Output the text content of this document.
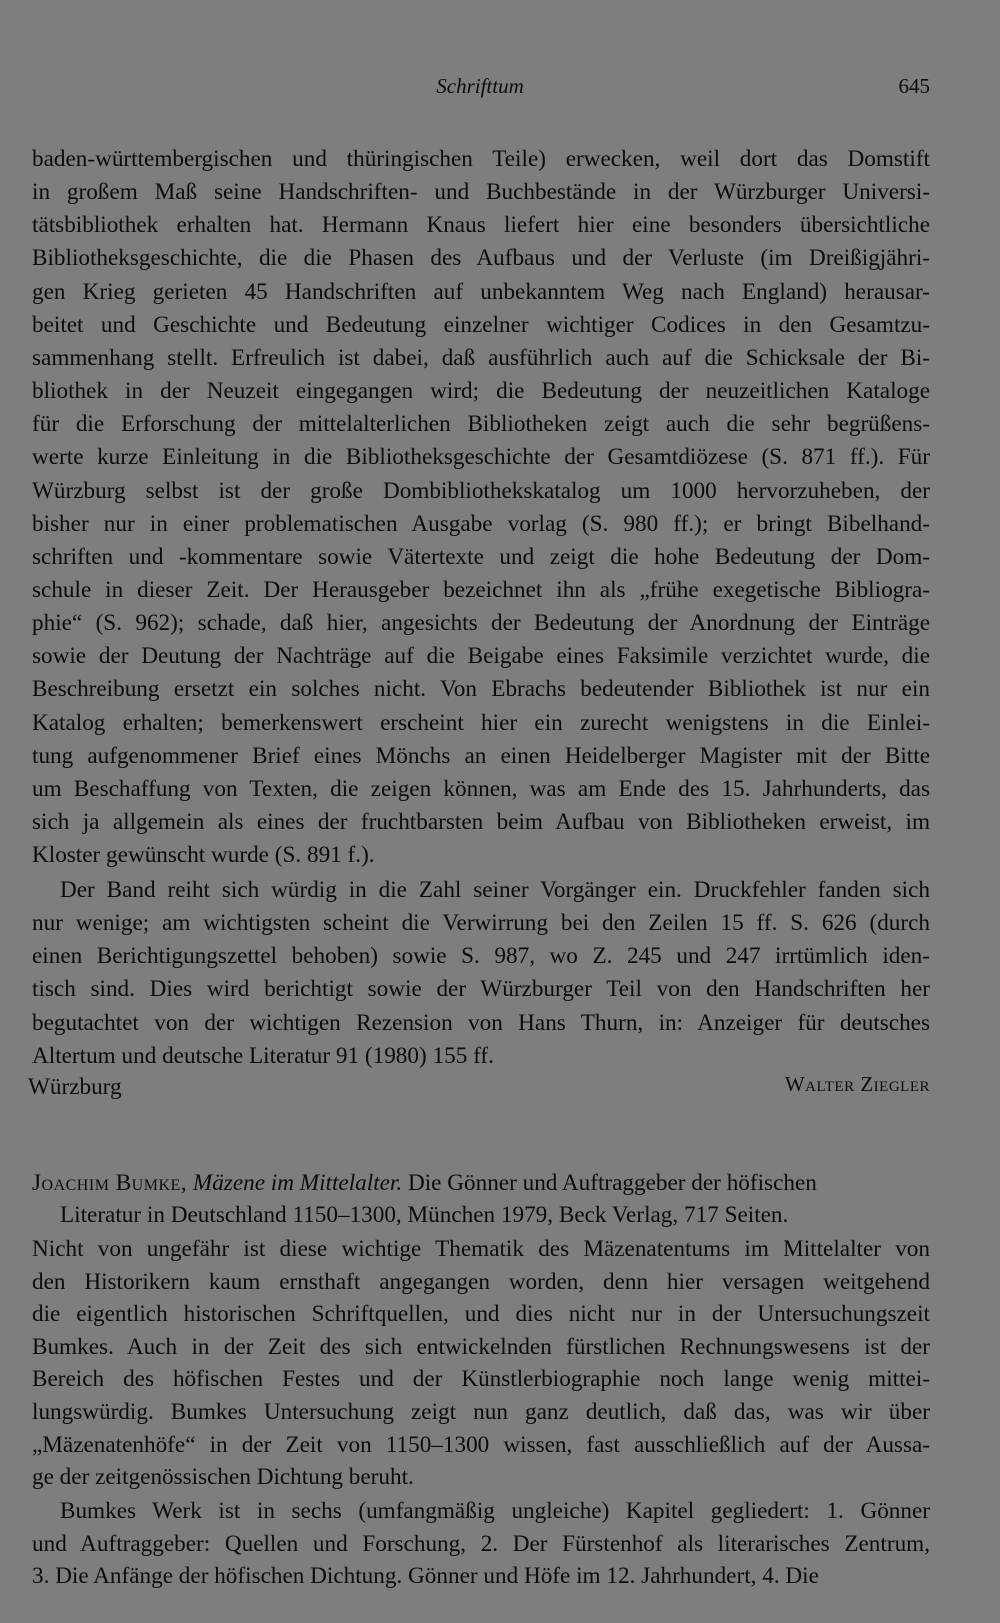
Schrifttum	645
baden-württembergischen und thüringischen Teile) erwecken, weil dort das Domstift
in großem Maß seine Handschriften- und Buchbestände in der Würzburger Universi-
tätsbibliothek erhalten hat. Hermann Knaus liefert hier eine besonders übersichtliche
Bibliotheksgeschichte, die die Phasen des Aufbaus und der Verluste (im Dreißigjähri-
gen Krieg gerieten 45 Handschriften auf unbekanntem Weg nach England) herausar-
beitet und Geschichte und Bedeutung einzelner wichtiger Codices in den Gesamtzu-
sammenhang stellt. Erfreulich ist dabei, daß ausführlich auch auf die Schicksale der Bi-
bliothek in der Neuzeit eingegangen wird; die Bedeutung der neuzeitlichen Kataloge
für die Erforschung der mittelalterlichen Bibliotheken zeigt auch die sehr begrüßens-
werte kurze Einleitung in die Bibliotheksgeschichte der Gesamtdiözese (S. 871 ff.). Für
Würzburg selbst ist der große Dombibliothekskatalog um 1000 hervorzuheben, der
bisher nur in einer problematischen Ausgabe vorlag (S. 980 ff.); er bringt Bibelhand-
schriften und -kommentare sowie Vätertexte und zeigt die hohe Bedeutung der Dom-
schule in dieser Zeit. Der Herausgeber bezeichnet ihn als „frühe exegetische Bibliogra-
phie“ (S. 962); schade, daß hier, angesichts der Bedeutung der Anordnung der Einträge
sowie der Deutung der Nachträge auf die Beigabe eines Faksimile verzichtet wurde, die
Beschreibung ersetzt ein solches nicht. Von Ebrachs bedeutender Bibliothek ist nur ein
Katalog erhalten; bemerkenswert erscheint hier ein zurecht wenigstens in die Einlei-
tung aufgenommener Brief eines Mönchs an einen Heidelberger Magister mit der Bitte
um Beschaffung von Texten, die zeigen können, was am Ende des 15. Jahrhunderts, das
sich ja allgemein als eines der fruchtbarsten beim Aufbau von Bibliotheken erweist, im
Kloster gewünscht wurde (S. 891 f.).
Der Band reiht sich würdig in die Zahl seiner Vorgänger ein. Druckfehler fanden sich
nur wenige; am wichtigsten scheint die Verwirrung bei den Zeilen 15 ff. S. 626 (durch
einen Berichtigungszettel behoben) sowie S. 987, wo Z. 245 und 247 irrtümlich iden-
tisch sind. Dies wird berichtigt sowie der Würzburger Teil von den Handschriften her
begutachtet von der wichtigen Rezension von Hans Thurn, in: Anzeiger für deutsches
Altertum und deutsche Literatur 91 (1980) 155 ff.
Nicht von ungefähr ist diese wichtige Thematik des Mäzenatentums im Mittelalter von
den Historikern kaum ernsthaft angegangen worden, denn hier versagen weitgehend
die eigentlich historischen Schriftquellen, und dies nicht nur in der Untersuchungszeit
Bumkes. Auch in der Zeit des sich entwickelnden fürstlichen Rechnungswesens ist der
Bereich des höfischen Festes und der Künstlerbiographie noch lange wenig mittei-
lungswürdig. Bumkes Untersuchung zeigt nun ganz deutlich, daß das, was wir über
„Mäzenatenhöfe“ in der Zeit von 1150–1300 wissen, fast ausschließlich auf der Aussa-
ge der zeitgenössischen Dichtung beruht.
Bumkes Werk ist in sechs (umfangmäßig ungleiche) Kapitel gegliedert: 1. Gönner
und Auftraggeber: Quellen und Forschung, 2. Der Fürstenhof als literarisches Zentrum,
3. Die Anfänge der höfischen Dichtung. Gönner und Höfe im 12. Jahrhundert, 4. Die
Würzburg	Walter Ziegler
Joachim Bumke, Mäzene im Mittelalter. Die Gönner und Auftraggeber der höfischen
Literatur in Deutschland 1150–1300, München 1979, Beck Verlag, 717 Seiten.
